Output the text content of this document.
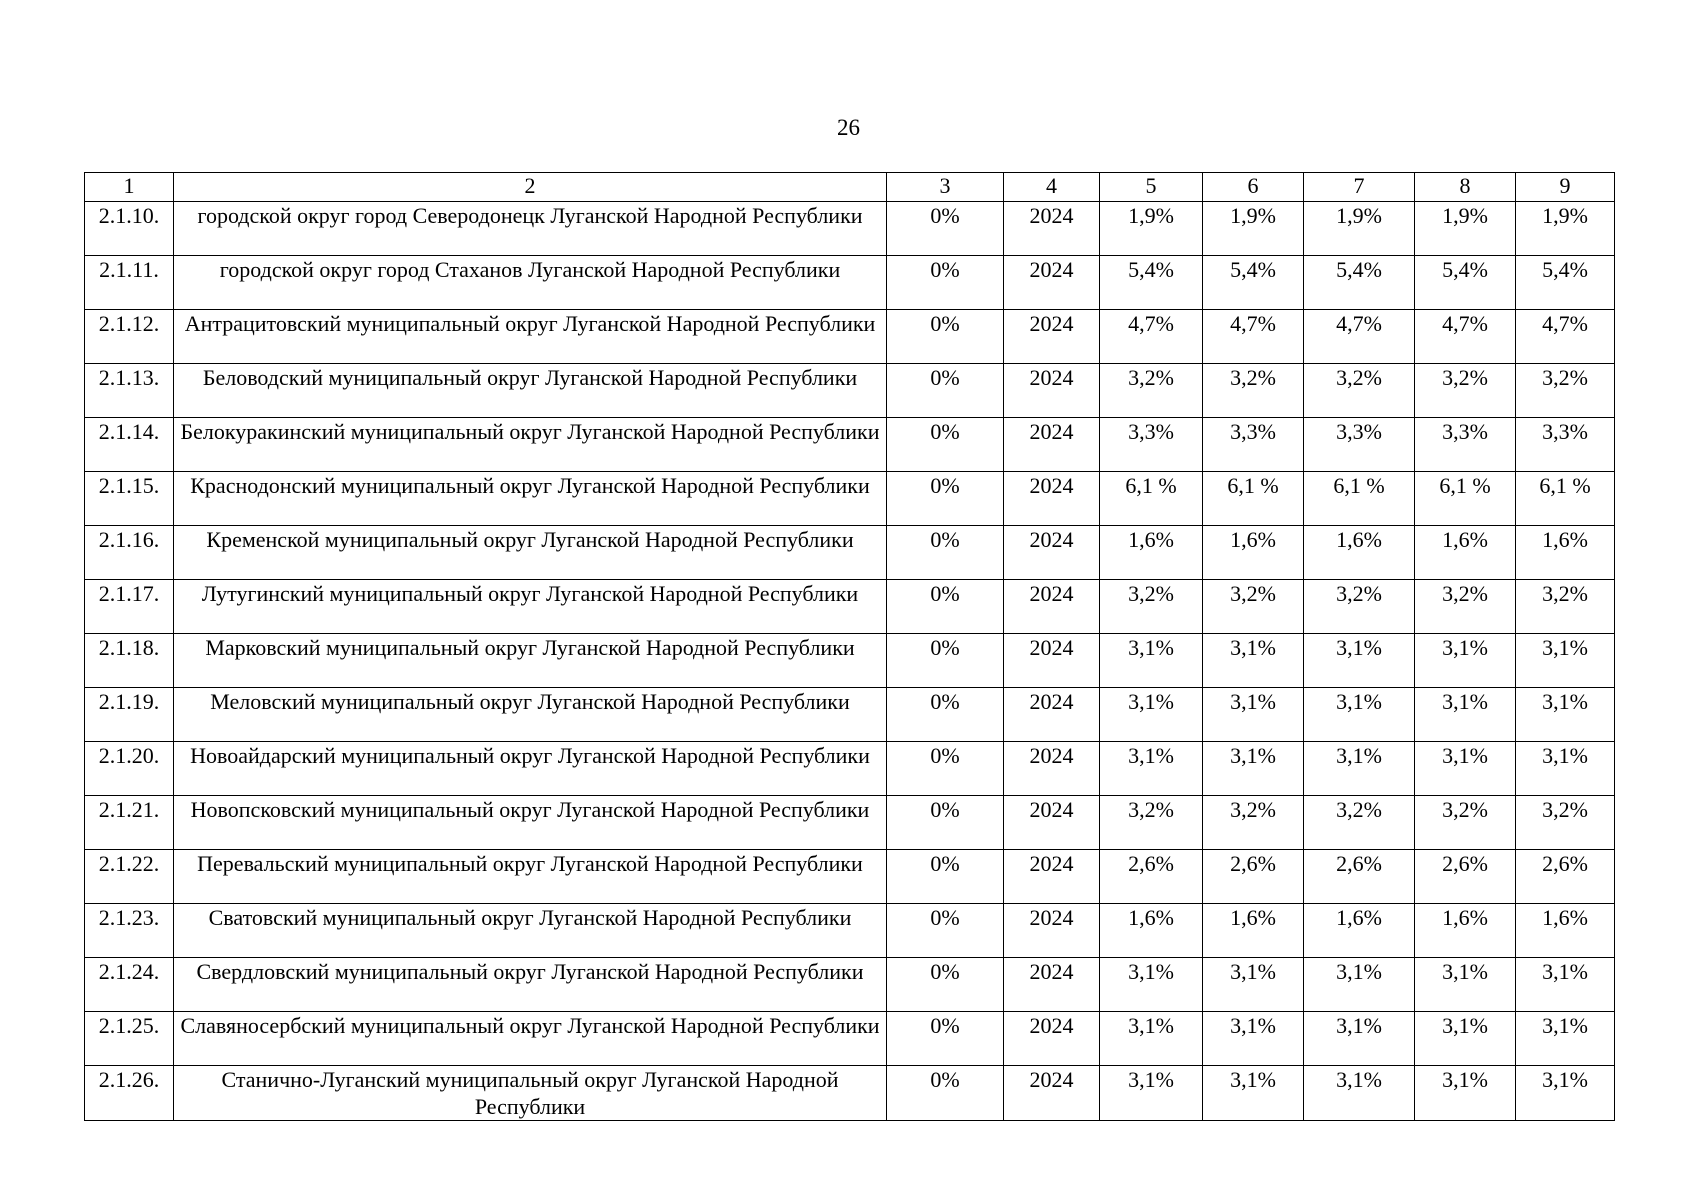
26
1	2	3	4	5	6	7	8	9
2.1.10.	городской округ город Северодонецк Луганской Народной Республики	0%	2024	1,9%	1,9%	1,9%	1,9%	1,9%
2.1.11.	городской округ город Стаханов Луганской Народной Республики	0%	2024	5,4%	5,4%	5,4%	5,4%	5,4%
2.1.12.	Антрацитовский муниципальный округ Луганской Народной Республики	0%	2024	4,7%	4,7%	4,7%	4,7%	4,7%
2.1.13.	Беловодский муниципальный округ Луганской Народной Республики	0%	2024	3,2%	3,2%	3,2%	3,2%	3,2%
2.1.14.	Белокуракинский муниципальный округ Луганской Народной Республики	0%	2024	3,3%	3,3%	3,3%	3,3%	3,3%
2.1.15.	Краснодонский муниципальный округ Луганской Народной Республики	0%	2024	6,1 %	6,1 %	6,1 %	6,1 %	6,1 %
2.1.16.	Кременской муниципальный округ Луганской Народной Республики	0%	2024	1,6%	1,6%	1,6%	1,6%	1,6%
2.1.17.	Лутугинский муниципальный округ Луганской Народной Республики	0%	2024	3,2%	3,2%	3,2%	3,2%	3,2%
2.1.18.	Марковский муниципальный округ Луганской Народной Республики	0%	2024	3,1%	3,1%	3,1%	3,1%	3,1%
2.1.19.	Меловский муниципальный округ Луганской Народной Республики	0%	2024	3,1%	3,1%	3,1%	3,1%	3,1%
2.1.20.	Новоайдарский муниципальный округ Луганской Народной Республики	0%	2024	3,1%	3,1%	3,1%	3,1%	3,1%
2.1.21.	Новопсковский муниципальный округ Луганской Народной Республики	0%	2024	3,2%	3,2%	3,2%	3,2%	3,2%
2.1.22.	Перевальский муниципальный округ Луганской Народной Республики	0%	2024	2,6%	2,6%	2,6%	2,6%	2,6%
2.1.23.	Сватовский муниципальный округ Луганской Народной Республики	0%	2024	1,6%	1,6%	1,6%	1,6%	1,6%
2.1.24.	Свердловский муниципальный округ Луганской Народной Республики	0%	2024	3,1%	3,1%	3,1%	3,1%	3,1%
2.1.25.	Славяносербский муниципальный округ Луганской Народной Республики	0%	2024	3,1%	3,1%	3,1%	3,1%	3,1%
2.1.26.	Станично-Луганский муниципальный округ Луганской Народной Республики	0%	2024	3,1%	3,1%	3,1%	3,1%	3,1%
